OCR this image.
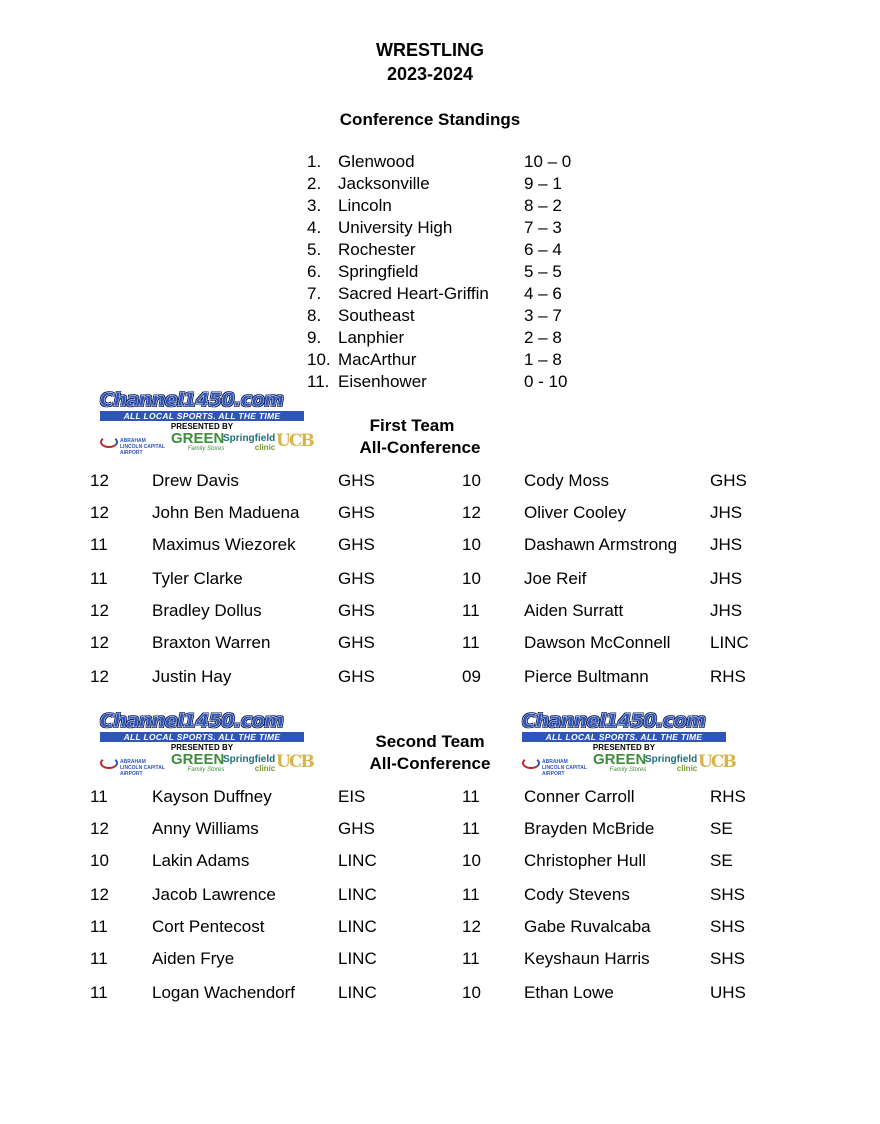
WRESTLING
2023-2024
Conference Standings
1. Glenwood	10 – 0
2. Jacksonville	9 – 1
3. Lincoln	8 – 2
4. University High	7 – 3
5. Rochester	6 – 4
6. Springfield	5 – 5
7. Sacred Heart-Griffin 4 – 6
8. Southeast	3 – 7
9. Lanphier	2 – 8
10. MacArthur	1 – 8
11. Eisenhower	0 - 10
Channel1450.com
ALL LOCAL SPORTS. ALL THE TIME
PRESENTED BY
ABRAHAM LINCOLN CAPITAL AIRPORT
GREEN
Family Stores
Springfield
clinic UCB
Channel1450.com
ALL LOCAL SPORTS. ALL THE TIME
PRESENTED BY
ABRAHAM LINCOLN CAPITAL AIRPORT
GREEN
Family Stores
Springfield
clinic UCB
Channel1450.com
ALL LOCAL SPORTS. ALL THE TIME
PRESENTED BY
ABRAHAM LINCOLN CAPITAL AIRPORT
GREEN
Family Stores
Springfield
clinic UCB
First Team
All-Conference
12	Drew Davis	GHS	10	Cody Moss	GHS
12	John Ben Maduena GHS	12	Oliver Cooley	JHS
11	Maximus Wiezorek GHS	10	Dashawn Armstrong JHS
11	Tyler Clarke	GHS	10	Joe Reif	JHS
12	Bradley Dollus	GHS	11	Aiden Surratt	JHS
12	Braxton Warren	GHS	11	Dawson McConnell LINC
12	Justin Hay	GHS	09	Pierce Bultmann	RHS
Second Team
All-Conference
11	Kayson Duffney	EIS	11	Conner Carroll	RHS
12	Anny Williams	GHS	11	Brayden McBride	SE
10	Lakin Adams	LINC	10	Christopher Hull	SE
12	Jacob Lawrence	LINC	11	Cody Stevens	SHS
11	Cort Pentecost	LINC	12	Gabe Ruvalcaba	SHS
11	Aiden Frye	LINC	11	Keyshaun Harris	SHS
11	Logan Wachendorf	LINC	10	Ethan Lowe	UHS
